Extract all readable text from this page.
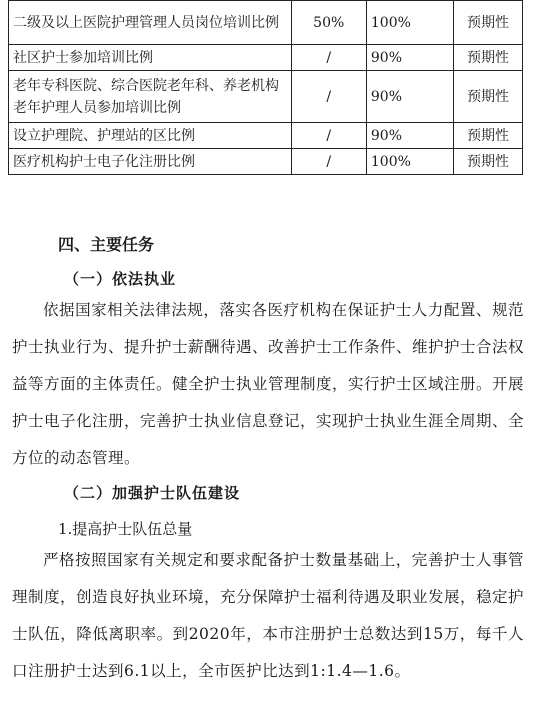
二级及以上医院护理管理人员岗位培训比例	50%	100%	预期性
社区护士参加培训比例	/	90%	预期性
老年专科医院、综合医院老年科、养老机构老年护理人员参加培训比例	/	90%	预期性
设立护理院、护理站的区比例	/	90%	预期性
医疗机构护士电子化注册比例	/	100%	预期性
四、主要任务
（一）依法执业

依据国家相关法律法规，落实各医疗机构在保证护士人力配置、规范护士执业行为、提升护士薪酬待遇、改善护士工作条件、维护护士合法权益等方面的主体责任。健全护士执业管理制度，实行护士区域注册。开展护士电子化注册，完善护士执业信息登记，实现护士执业生涯全周期、全方位的动态管理。

（二）加强护士队伍建设
1.提高护士队伍总量

严格按照国家有关规定和要求配备护士数量基础上，完善护士人事管理制度，创造良好执业环境，充分保障护士福利待遇及职业发展，稳定护士队伍，降低离职率。到2020年，本市注册护士总数达到15万，每千人口注册护士达到6.1以上，全市医护比达到1:1.4—1.6。
